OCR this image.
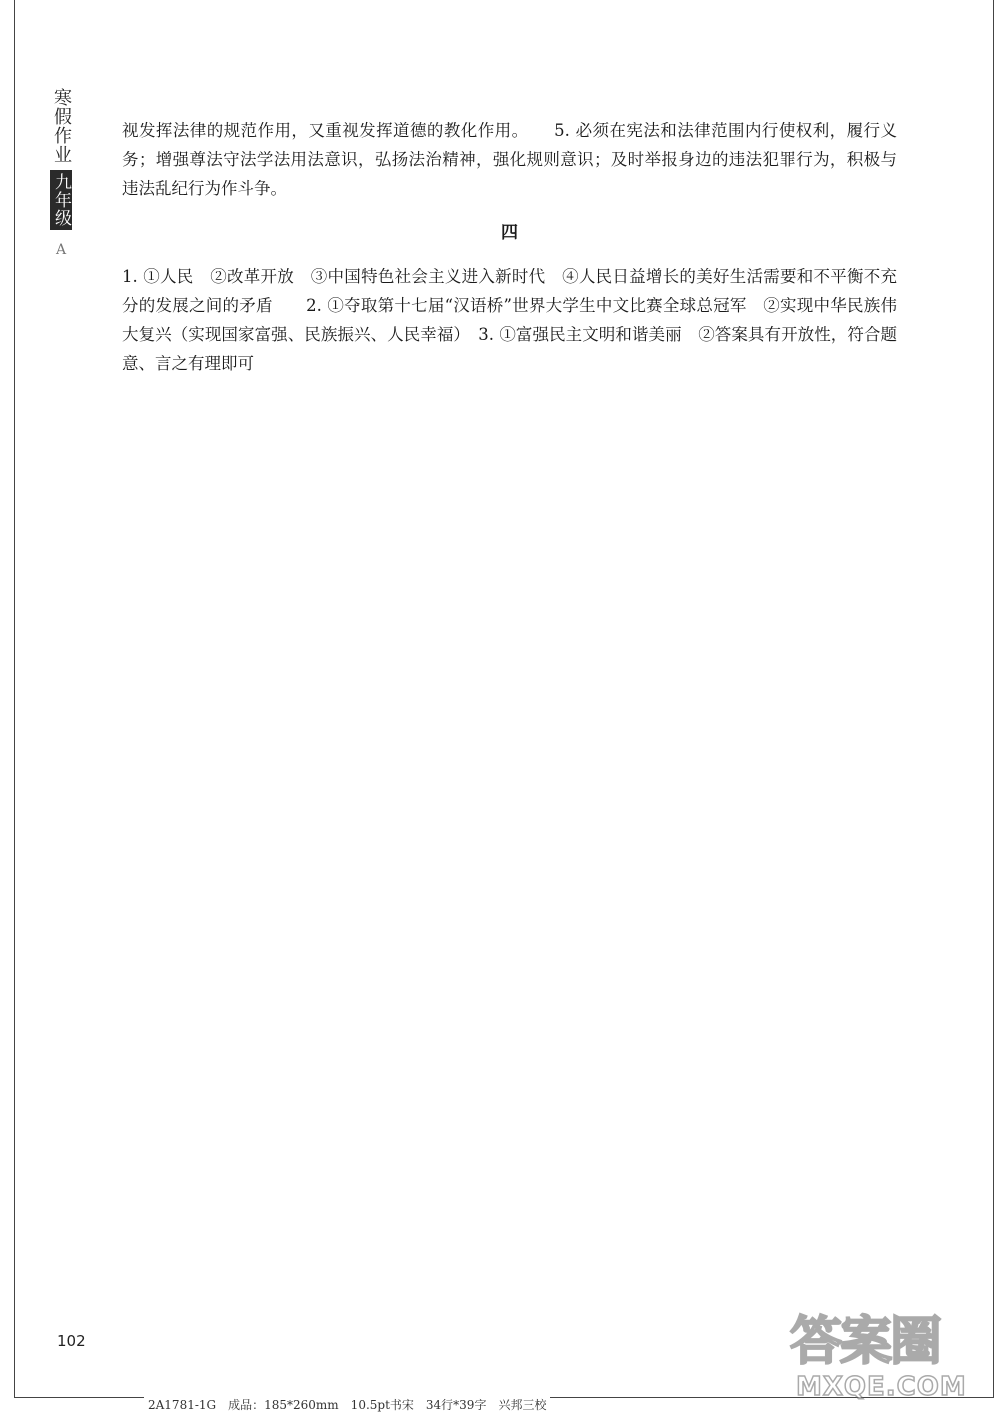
寒假作业
九年级
A

视发挥法律的规范作用，又重视发挥道德的教化作用。　　5. 必须在宪法和法律范围内行使权利，履行义务；增强尊法守法学法用法意识，弘扬法治精神，强化规则意识；及时举报身边的违法犯罪行为，积极与违法乱纪行为作斗争。

四

1. ①人民　②改革开放　③中国特色社会主义进入新时代　④人民日益增长的美好生活需要和不平衡不充分的发展之间的矛盾　　2. ①夺取第十七届“汉语桥”世界大学生中文比赛全球总冠军　②实现中华民族伟大复兴（实现国家富强、民族振兴、人民幸福）　3. ①富强民主文明和谐美丽　②答案具有开放性，符合题意、言之有理即可

102	答案圈
MXQE.COM
2A1781-1G　成品：185*260mm　10.5pt书宋　34行*39字　兴邦三校
